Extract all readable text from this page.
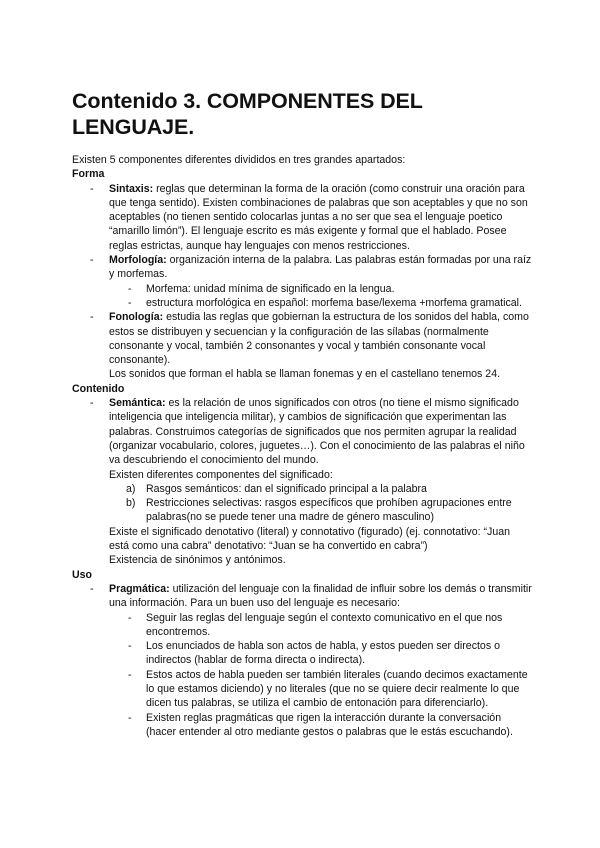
Contenido 3. COMPONENTES DEL LENGUAJE.

Existen 5 componentes diferentes divididos en tres grandes apartados:

Forma

- Sintaxis: reglas que determinan la forma de la oración (como construir una oración para que tenga sentido). Existen combinaciones de palabras que son aceptables y que no son aceptables (no tienen sentido colocarlas juntas a no ser que sea el lenguaje poetico “amarillo limón”). El lenguaje escrito es más exigente y formal que el hablado. Posee reglas estrictas, aunque hay lenguajes con menos restricciones.
- Morfología: organización interna de la palabra. Las palabras están formadas por una raíz y morfemas.
- Morfema: unidad mínima de significado en la lengua.
- estructura morfológica en español: morfema base/lexema +morfema gramatical.
- Fonología: estudia las reglas que gobiernan la estructura de los sonidos del habla, como estos se distribuyen y secuencian y la configuración de las sílabas (normalmente consonante y vocal, también 2 consonantes y vocal y también consonante vocal consonante).
Los sonidos que forman el habla se llaman fonemas y en el castellano tenemos 24.

Contenido

- Semántica: es la relación de unos significados con otros (no tiene el mismo significado inteligencia que inteligencia militar), y cambios de significación que experimentan las palabras. Construimos categorías de significados que nos permiten agrupar la realidad (organizar vocabulario, colores, juguetes…). Con el conocimiento de las palabras el niño va descubriendo el conocimiento del mundo.
Existen diferentes componentes del significado:
a) Rasgos semánticos: dan el significado principal a la palabra
b) Restricciones selectivas: rasgos específicos que prohíben agrupaciones entre palabras(no se puede tener una madre de género masculino)
Existe el significado denotativo (literal) y connotativo (figurado) (ej. connotativo: “Juan está como una cabra” denotativo: “Juan se ha convertido en cabra”)
Existencia de sinónimos y antónimos.

Uso

- Pragmática: utilización del lenguaje con la finalidad de influir sobre los demás o transmitir una información. Para un buen uso del lenguaje es necesario:
- Seguir las reglas del lenguaje según el contexto comunicativo en el que nos encontremos.
- Los enunciados de habla son actos de habla, y estos pueden ser directos o indirectos (hablar de forma directa o indirecta).
- Estos actos de habla pueden ser también literales (cuando decimos exactamente lo que estamos diciendo) y no literales (que no se quiere decir realmente lo que dicen tus palabras, se utiliza el cambio de entonación para diferenciarlo).
- Existen reglas pragmáticas que rigen la interacción durante la conversación (hacer entender al otro mediante gestos o palabras que le estás escuchando).
